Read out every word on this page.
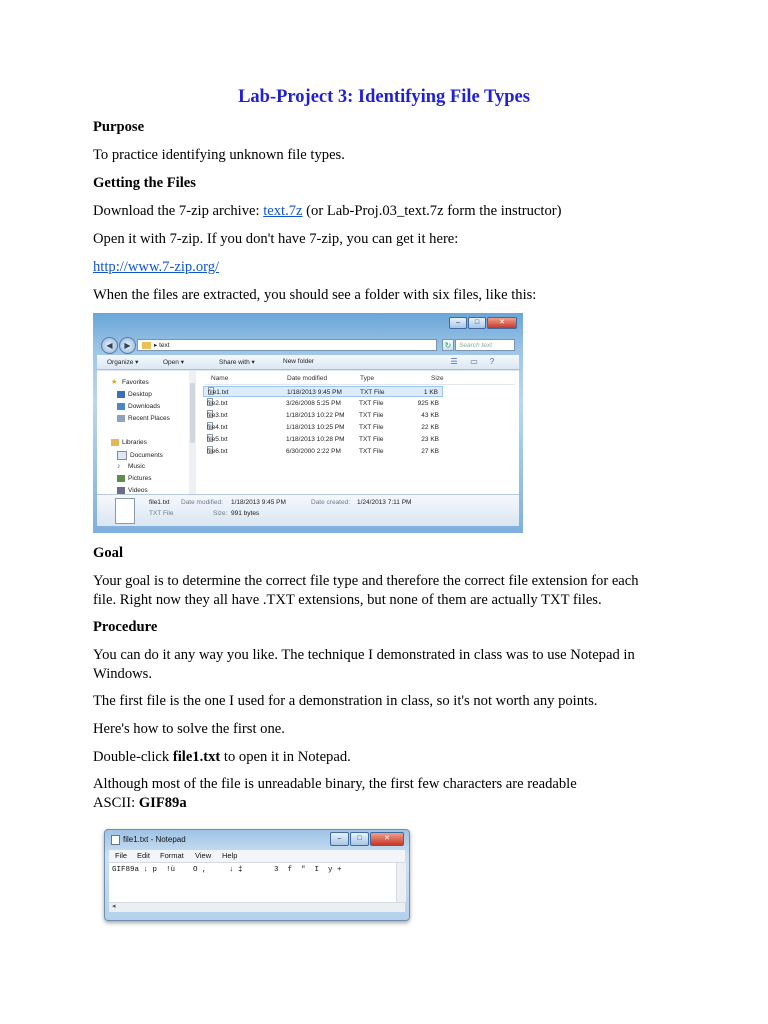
Lab-Project 3: Identifying File Types
Purpose
To practice identifying unknown file types.
Getting the Files
Download the 7-zip archive: text.7z (or Lab-Proj.03_text.7z form the instructor)
Open it with 7-zip. If you don't have 7-zip, you can get it here:
http://www.7-zip.org/
When the files are extracted, you should see a folder with six files, like this:
–	□	✕
◀	▶	▸ text	↻	Search text
Organize ▾	Open ▾	Share with ▾	New folder	☰ ▭	?
★ Favorites
Desktop
Downloads
Recent Places
Libraries
Documents
♪ Music
Pictures
Videos
Name	Date modified	Type	Size
file1.txt	1/18/2013 9:45 PM	TXT File	1 KB
file2.txt	3/26/2008 5:25 PM	TXT File	925 KB
file3.txt	1/18/2013 10:22 PM TXT File	43 KB
file4.txt	1/18/2013 10:25 PM TXT File	22 KB
file5.txt	1/18/2013 10:28 PM TXT File	23 KB
file6.txt	6/30/2000 2:22 PM	TXT File	27 KB
file1.txt Date modified: 1/18/2013 9:45 PM	Date created: 1/24/2013 7:11 PM
TXT File	Size: 991 bytes
Goal
Your goal is to determine the correct file type and therefore the correct file extension for each
file. Right now they all have .TXT extensions, but none of them are actually TXT files.
Procedure
You can do it any way you like. The technique I demonstrated in class was to use Notepad in
Windows.
The first file is the one I used for a demonstration in class, so it's not worth any points.
Here's how to solve the first one.
Double-click file1.txt to open it in Notepad.
Although most of the file is unreadable binary, the first few characters are readable
ASCII: GIF89a
file1.txt - Notepad	–	□	✕
File Edit Format View Help
GIF89a ↓ p  !ù    O ,     ↓ ‡       3  f  "  I  y +
◂
